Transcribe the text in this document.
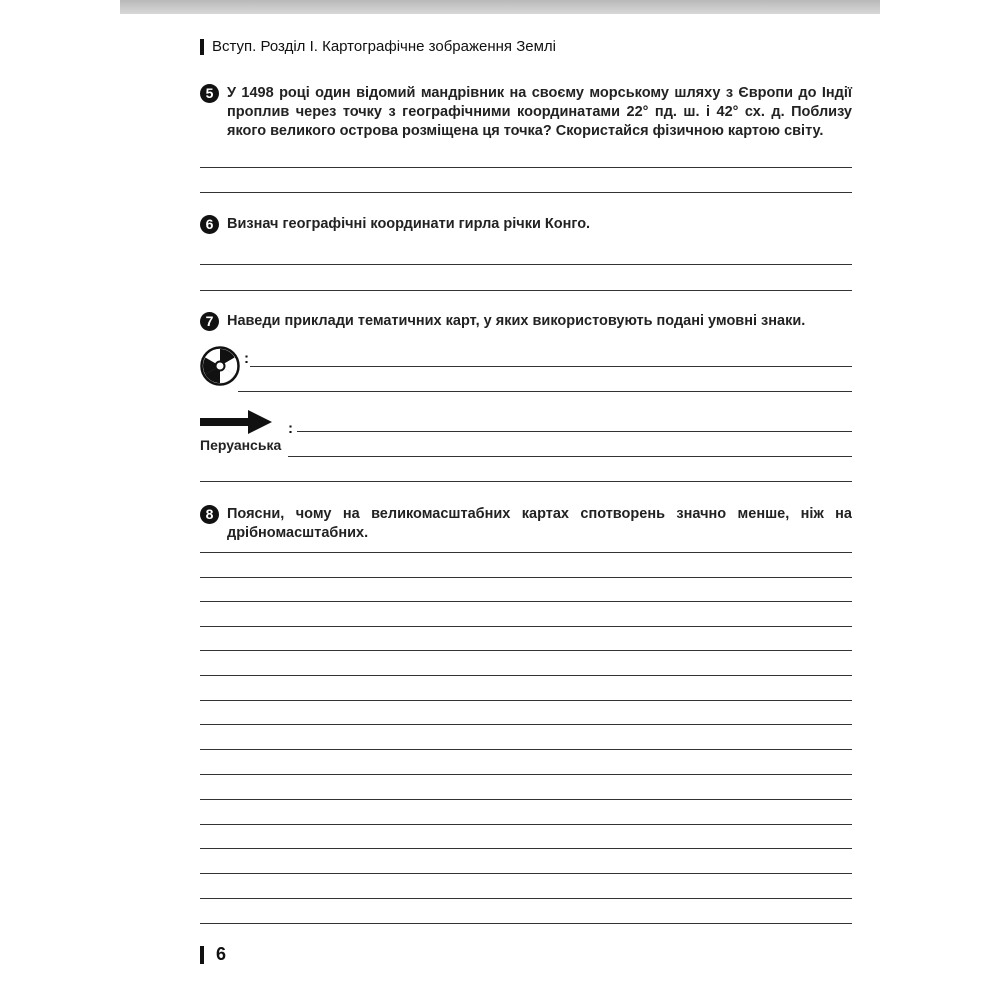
Вступ. Розділ І. Картографічне зображення Землі
5 У 1498 році один відомий мандрівник на своєму морському шляху з Європи до Індії проплив через точку з географічними координатами 22° пд. ш. і 42° сх. д. Поблизу якого великого острова розміщена ця точка? Скористайся фізичною картою світу.
6 Визнач географічні координати гирла річки Конго.
7 Наведи приклади тематичних карт, у яких використовують подані умовні знаки.
:
:
Перуанська
8 Поясни, чому на великомасштабних картах спотворень значно менше, ніж на дрібномасштабних.
6
